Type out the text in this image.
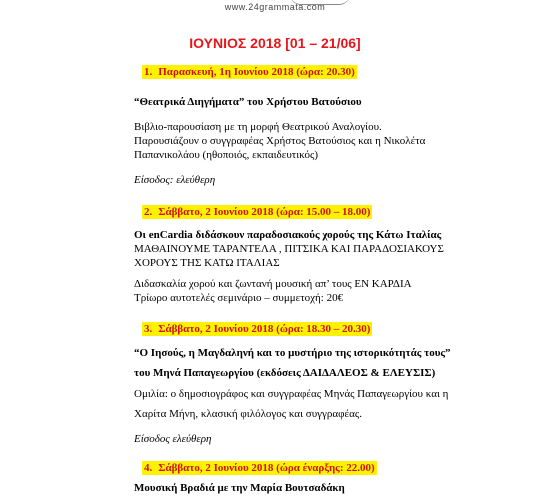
www.24grammata.com
ΙΟΥΝΙΟΣ 2018 [01 – 21/06]
1. Παρασκευή, 1η Ιουνίου 2018 (ώρα: 20.30)
“Θεατρικά Διηγήματα” του Χρήστου Βατούσιου
Βιβλιο-παρουσίαση με τη μορφή Θεατρικού Αναλογίου.
Παρουσιάζουν ο συγγραφέας Χρήστος Βατούσιος και η Νικολέτα
Παπανικολάου (ηθοποιός, εκπαιδευτικός)
Είσοδος: ελεύθερη
2. Σάββατο, 2 Ιουνίου 2018 (ώρα: 15.00 – 18.00)
Οι enCardia διδάσκουν παραδοσιακούς χορούς της Κάτω Ιταλίας
ΜΑΘΑΙΝΟΥΜΕ ΤΑΡΑΝΤΕΛΑ , ΠΙΤΣΙΚΑ ΚΑΙ ΠΑΡΑΔΟΣΙΑΚΟΥΣ
ΧΟΡΟΥΣ ΤΗΣ ΚΑΤΩ ΙΤΑΛΙΑΣ
Διδασκαλία χορού και ζωντανή μουσική απ’ τους ΕΝ ΚΑΡΔΙΑ
Τρίωρο αυτοτελές σεμινάριο – συμμετοχή: 20€
3. Σάββατο, 2 Ιουνίου 2018 (ώρα: 18.30 – 20.30)
“Ο Ιησούς, η Μαγδαληνή και το μυστήριο της ιστορικότητάς τους”
του Μηνά Παπαγεωργίου (εκδόσεις ΔΑΙΔΑΛΕΟΣ & ΕΛΕΥΣΙΣ)
Ομιλία: ο δημοσιογράφος και συγγραφέας Μηνάς Παπαγεωργίου και η
Χαρίτα Μήνη, κλασική φιλόλογος και συγγραφέας.
Είσοδος ελεύθερη
4. Σάββατο, 2 Ιουνίου 2018 (ώρα έναρξης: 22.00)
Μουσική Βραδιά με την Μαρία Βουτσαδάκη
